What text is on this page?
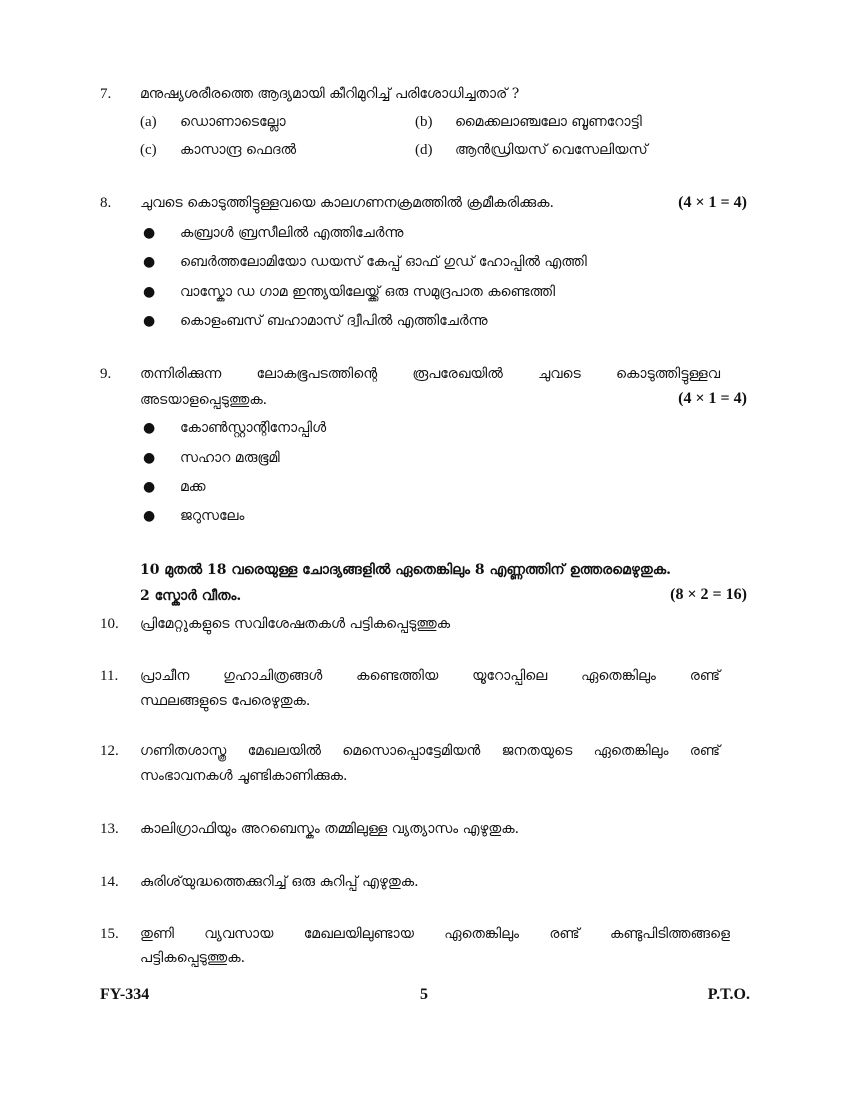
7. മനുഷ്യശരീരത്തെ ആദ്യമായി കീറിമുറിച്ച് പരിശോധിച്ചതാര് ?
(a) ഡൊണാടെല്ലോ	(b) മൈക്കലാഞ്ചലോ ബൂണറോട്ടി
(c) കാസാന്ദ്ര ഫെദൽ	(d) ആൻഡ്രിയസ് വെസേലിയസ്
8. ചുവടെ കൊടുത്തിട്ടുള്ളവയെ കാലഗണനക്രമത്തിൽ ക്രമീകരിക്കുക.	(4 × 1 = 4)
● കബ്രാൾ ബ്രസീലിൽ എത്തിചേർന്നു
● ബെർത്തലോമിയോ ഡയസ് കേപ്പ് ഓഫ് ഗുഡ് ഹോപ്പിൽ എത്തി
● വാസ്കോ ഡ ഗാമ ഇന്ത്യയിലേയ്ക്ക് ഒരു സമുദ്രപാത കണ്ടെത്തി
● കൊളംബസ് ബഹാമാസ് ദ്വീപിൽ എത്തിചേർന്നു
9. തന്നിരിക്കുന്ന ലോകഭൂപടത്തിന്റെ രൂപരേഖയിൽ ചുവടെ കൊടുത്തിട്ടുള്ളവ
അടയാളപ്പെടുത്തുക.	(4 × 1 = 4)
● കോൺസ്റ്റാന്റിനോപ്പിൾ
● സഹാറ മരുഭൂമി
● മക്ക
● ജറുസലേം
10 മുതൽ 18 വരെയുള്ള ചോദ്യങ്ങളിൽ ഏതെങ്കിലും 8 എണ്ണത്തിന് ഉത്തരമെഴുതുക.
2 സ്കോർ വീതം.	(8 × 2 = 16)
10. പ്രിമേറ്റുകളുടെ സവിശേഷതകൾ പട്ടികപ്പെടുത്തുക
11. പ്രാചീന ഗുഹാചിത്രങ്ങൾ കണ്ടെത്തിയ യൂറോപ്പിലെ ഏതെങ്കിലും രണ്ട്
സ്ഥലങ്ങളുടെ പേരെഴുതുക.
12. ഗണിതശാസ്ത്ര മേഖലയിൽ മെസൊപ്പൊട്ടേമിയൻ ജനതയുടെ ഏതെങ്കിലും രണ്ട്
സംഭാവനകൾ ചൂണ്ടികാണിക്കുക.
13. കാലിഗ്രാഫിയും അറബെസ്കും തമ്മിലുള്ള വ്യത്യാസം എഴുതുക.
14. കുരിശ്‌യുദ്ധത്തെക്കുറിച്ച് ഒരു കുറിപ്പ് എഴുതുക.
15. തുണി വ്യവസായ മേഖലയിലുണ്ടായ ഏതെങ്കിലും രണ്ട് കണ്ടുപിടിത്തങ്ങളെ
പട്ടികപ്പെടുത്തുക.
FY-334	5	P.T.O.
